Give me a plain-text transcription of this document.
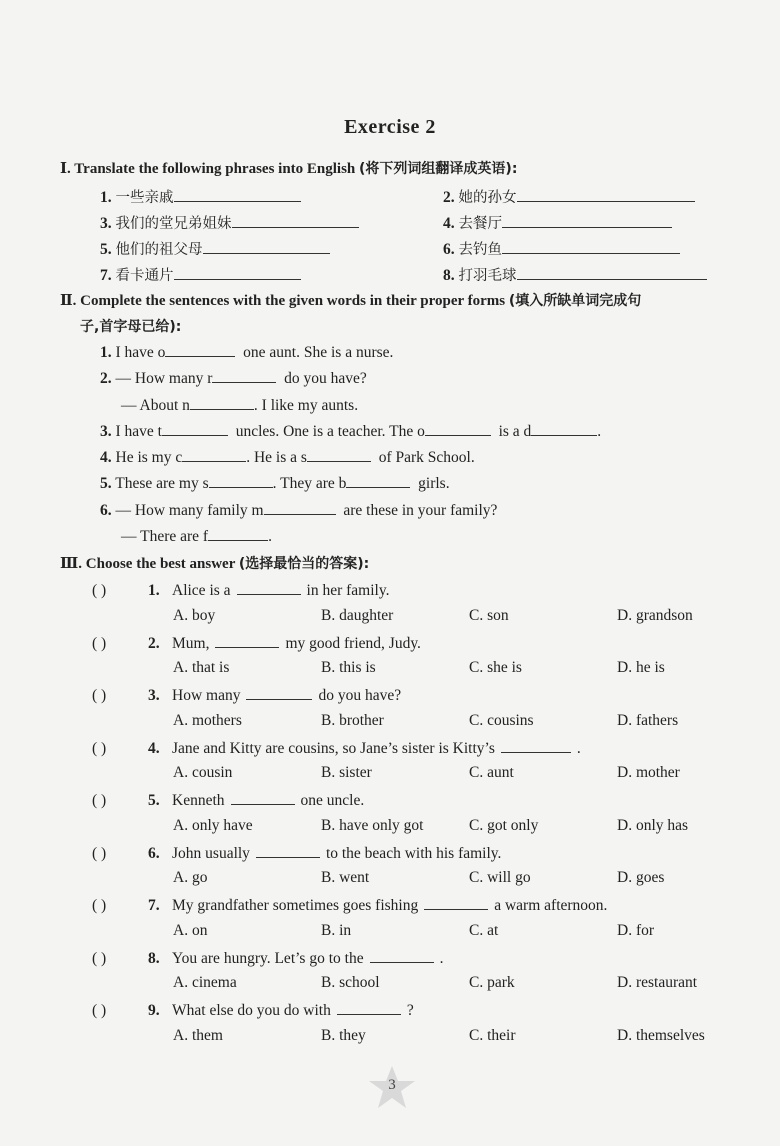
Exercise 2
Ⅰ. Translate the following phrases into English (将下列词组翻译成英语):
1. 一些亲戚	2. 她的孙女
3. 我们的堂兄弟姐妹	4. 去餐厅
5. 他们的祖父母	6. 去钓鱼
7. 看卡通片	8. 打羽毛球
Ⅱ. Complete the sentences with the given words in their proper forms (填入所缺单词完成句
子,首字母已给):
1. I have o	one aunt. She is a nurse.
2. — How many r	do you have?
— About n	. I like my aunts.
3. I have t	uncles. One is a teacher. The o	is a d	.
4. He is my c	. He is a s	of Park School.
5. These are my s	. They are b	girls.
6. — How many family m	are these in your family?
— There are f	.
Ⅲ. Choose the best answer (选择最恰当的答案):
( )	1. Alice is a	in her family.
A. boy	B. daughter	C. son	D. grandson
( )	2. Mum,	my good friend, Judy.
A. that is	B. this is	C. she is	D. he is
( )	3. How many	do you have?
A. mothers	B. brother	C. cousins	D. fathers
( )	4. Jane and Kitty are cousins, so Jane’s sister is Kitty’s	.
A. cousin	B. sister	C. aunt	D. mother
( )	5. Kenneth	one uncle.
A. only have	B. have only got	C. got only	D. only has
( )	6. John usually	to the beach with his family.
A. go	B. went	C. will go	D. goes
( )	7. My grandfather sometimes goes fishing	a warm afternoon.
A. on	B. in	C. at	D. for
( )	8. You are hungry. Let’s go to the	.
A. cinema	B. school	C. park	D. restaurant
( )	9. What else do you do with	?
A. them	B. they	C. their	D. themselves
3
